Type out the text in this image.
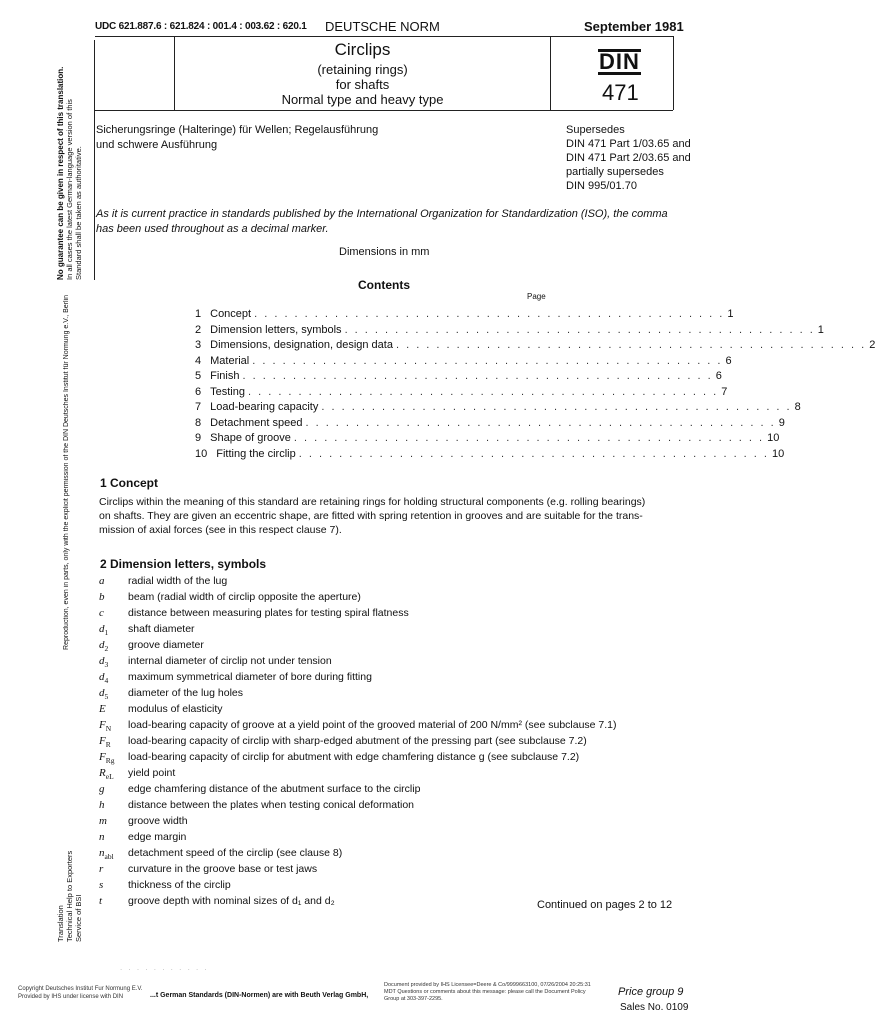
UDC 621.887.6 : 621.824 : 001.4 : 003.62 : 620.1 DEUTSCHE NORM	September 1981
Circlips
(retaining rings)
for shafts
Normal type and heavy type
DIN
471
Sicherungsringe (Halteringe) für Wellen; Regelausführung
und schwere Ausführung
Supersedes
DIN 471 Part 1/03.65 and
DIN 471 Part 2/03.65 and
partially supersedes
DIN 995/01.70
As it is current practice in standards published by the International Organization for Standardization (ISO), the comma
has been used throughout as a decimal marker.
Dimensions in mm
Contents
Page
1 Concept . . . . . . . . . . . . . . . . . . . . . . . . . . . . . . . . . . . . . . . . . . . . . . . 1
2 Dimension letters, symbols . . . . . . . . . . . . . . . . . . . . . . . . . . . . . . . . . . . . . . . . . . . . . . . 1
3 Dimensions, designation, design data . . . . . . . . . . . . . . . . . . . . . . . . . . . . . . . . . . . . . . . . . . . . . . . 2
4 Material . . . . . . . . . . . . . . . . . . . . . . . . . . . . . . . . . . . . . . . . . . . . . . . 6
5 Finish . . . . . . . . . . . . . . . . . . . . . . . . . . . . . . . . . . . . . . . . . . . . . . . 6
6 Testing . . . . . . . . . . . . . . . . . . . . . . . . . . . . . . . . . . . . . . . . . . . . . . . 7
7 Load-bearing capacity . . . . . . . . . . . . . . . . . . . . . . . . . . . . . . . . . . . . . . . . . . . . . . . 8
8 Detachment speed . . . . . . . . . . . . . . . . . . . . . . . . . . . . . . . . . . . . . . . . . . . . . . . 9
9 Shape of groove . . . . . . . . . . . . . . . . . . . . . . . . . . . . . . . . . . . . . . . . . . . . . . . 10
10 Fitting the circlip . . . . . . . . . . . . . . . . . . . . . . . . . . . . . . . . . . . . . . . . . . . . . . . 10
1 Concept
Circlips within the meaning of this standard are retaining rings for holding structural components (e.g. rolling bearings)
on shafts. They are given an eccentric shape, are fitted with spring retention in grooves and are suitable for the trans-
mission of axial forces (see in this respect clause 7).
2 Dimension letters, symbols
a	radial width of the lug
b	beam (radial width of circlip opposite the aperture)
c	distance between measuring plates for testing spiral flatness
$d_1$	shaft diameter
$d_2$	groove diameter
$d_3$	internal diameter of circlip not under tension
$d_4$	maximum symmetrical diameter of bore during fitting
$d_5$	diameter of the lug holes
E	modulus of elasticity
$F_N$	load-bearing capacity of groove at a yield point of the grooved material of 200 N/mm² (see subclause 7.1)
$F_R$	load-bearing capacity of circlip with sharp-edged abutment of the pressing part (see subclause 7.2)
$F_{Rg}$	load-bearing capacity of circlip for abutment with edge chamfering distance g (see subclause 7.2)
$R_{eL}$	yield point
g	edge chamfering distance of the abutment surface to the circlip
h	distance between the plates when testing conical deformation
m	groove width
n	edge margin
$n_{abl}$	detachment speed of the circlip (see clause 8)
r	curvature in the groove base or test jaws
s	thickness of the circlip
t	groove depth with nominal sizes of d₁ and d₂	Continued on pages 2 to 12
No guarantee can be given in respect of this translation. In all cases the latest German-language version of this Standard shall be taken as authoritative.
Reproduction, even in parts, only with the explicit permission of the DIN Deutsches Institut für Normung e.V., Berlin
Translation Technical Help to Exporters Service of BSI
. . . . . . . . . . .
Copyright Deutsches Institut Fur Normung E.V.
Provided by IHS under license with DIN	...t German Standards (DIN-Normen) are with Beuth Verlag GmbH,
Document provided by IHS Licensee=Deere & Co/9999663100, 07/26/2004 20:25:31
MDT Questions or comments about this message: please call the Document Policy
Group at 303-397-2295.
Price group 9
Sales No. 0109
